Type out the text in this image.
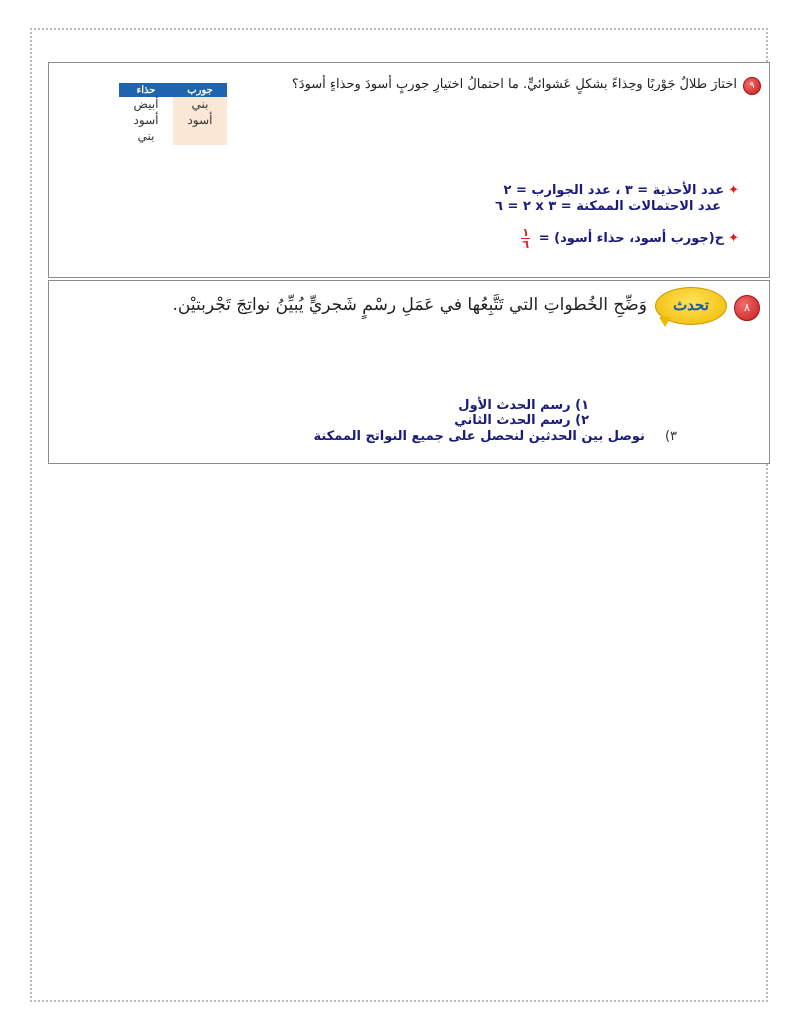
٩
اختارَ طلالٌ جَوْربًا وحِذاءً بشكلٍ عَشوائيٍّ. ما احتمالُ اختيارِ جوربٍ أسودَ وحذاءٍ أسودَ؟
جورب	حذاء
بني	أبيض
أسود	أسود
	بني
✦عدد الأحذية = ٣ ، عدد الجوارب = ٢
عدد الاحتمالات الممكنة = ٣ x ٢ = ٦
✦ح(جورب أسود، حذاء أسود) =
$\frac{١}{٦}$
٨
تحدث
وَضِّحِ الخُطواتِ التي تَتَّبِعُها في عَمَلِ رسْمٍ شَجريٍّ يُبيِّنُ نواتِجَ تَجْربتيْن.
١) رسم الحدث الأول
٢) رسم الحدث الثاني
٣)نوصل بين الحدثين لنحصل على جميع النواتج الممكنة
